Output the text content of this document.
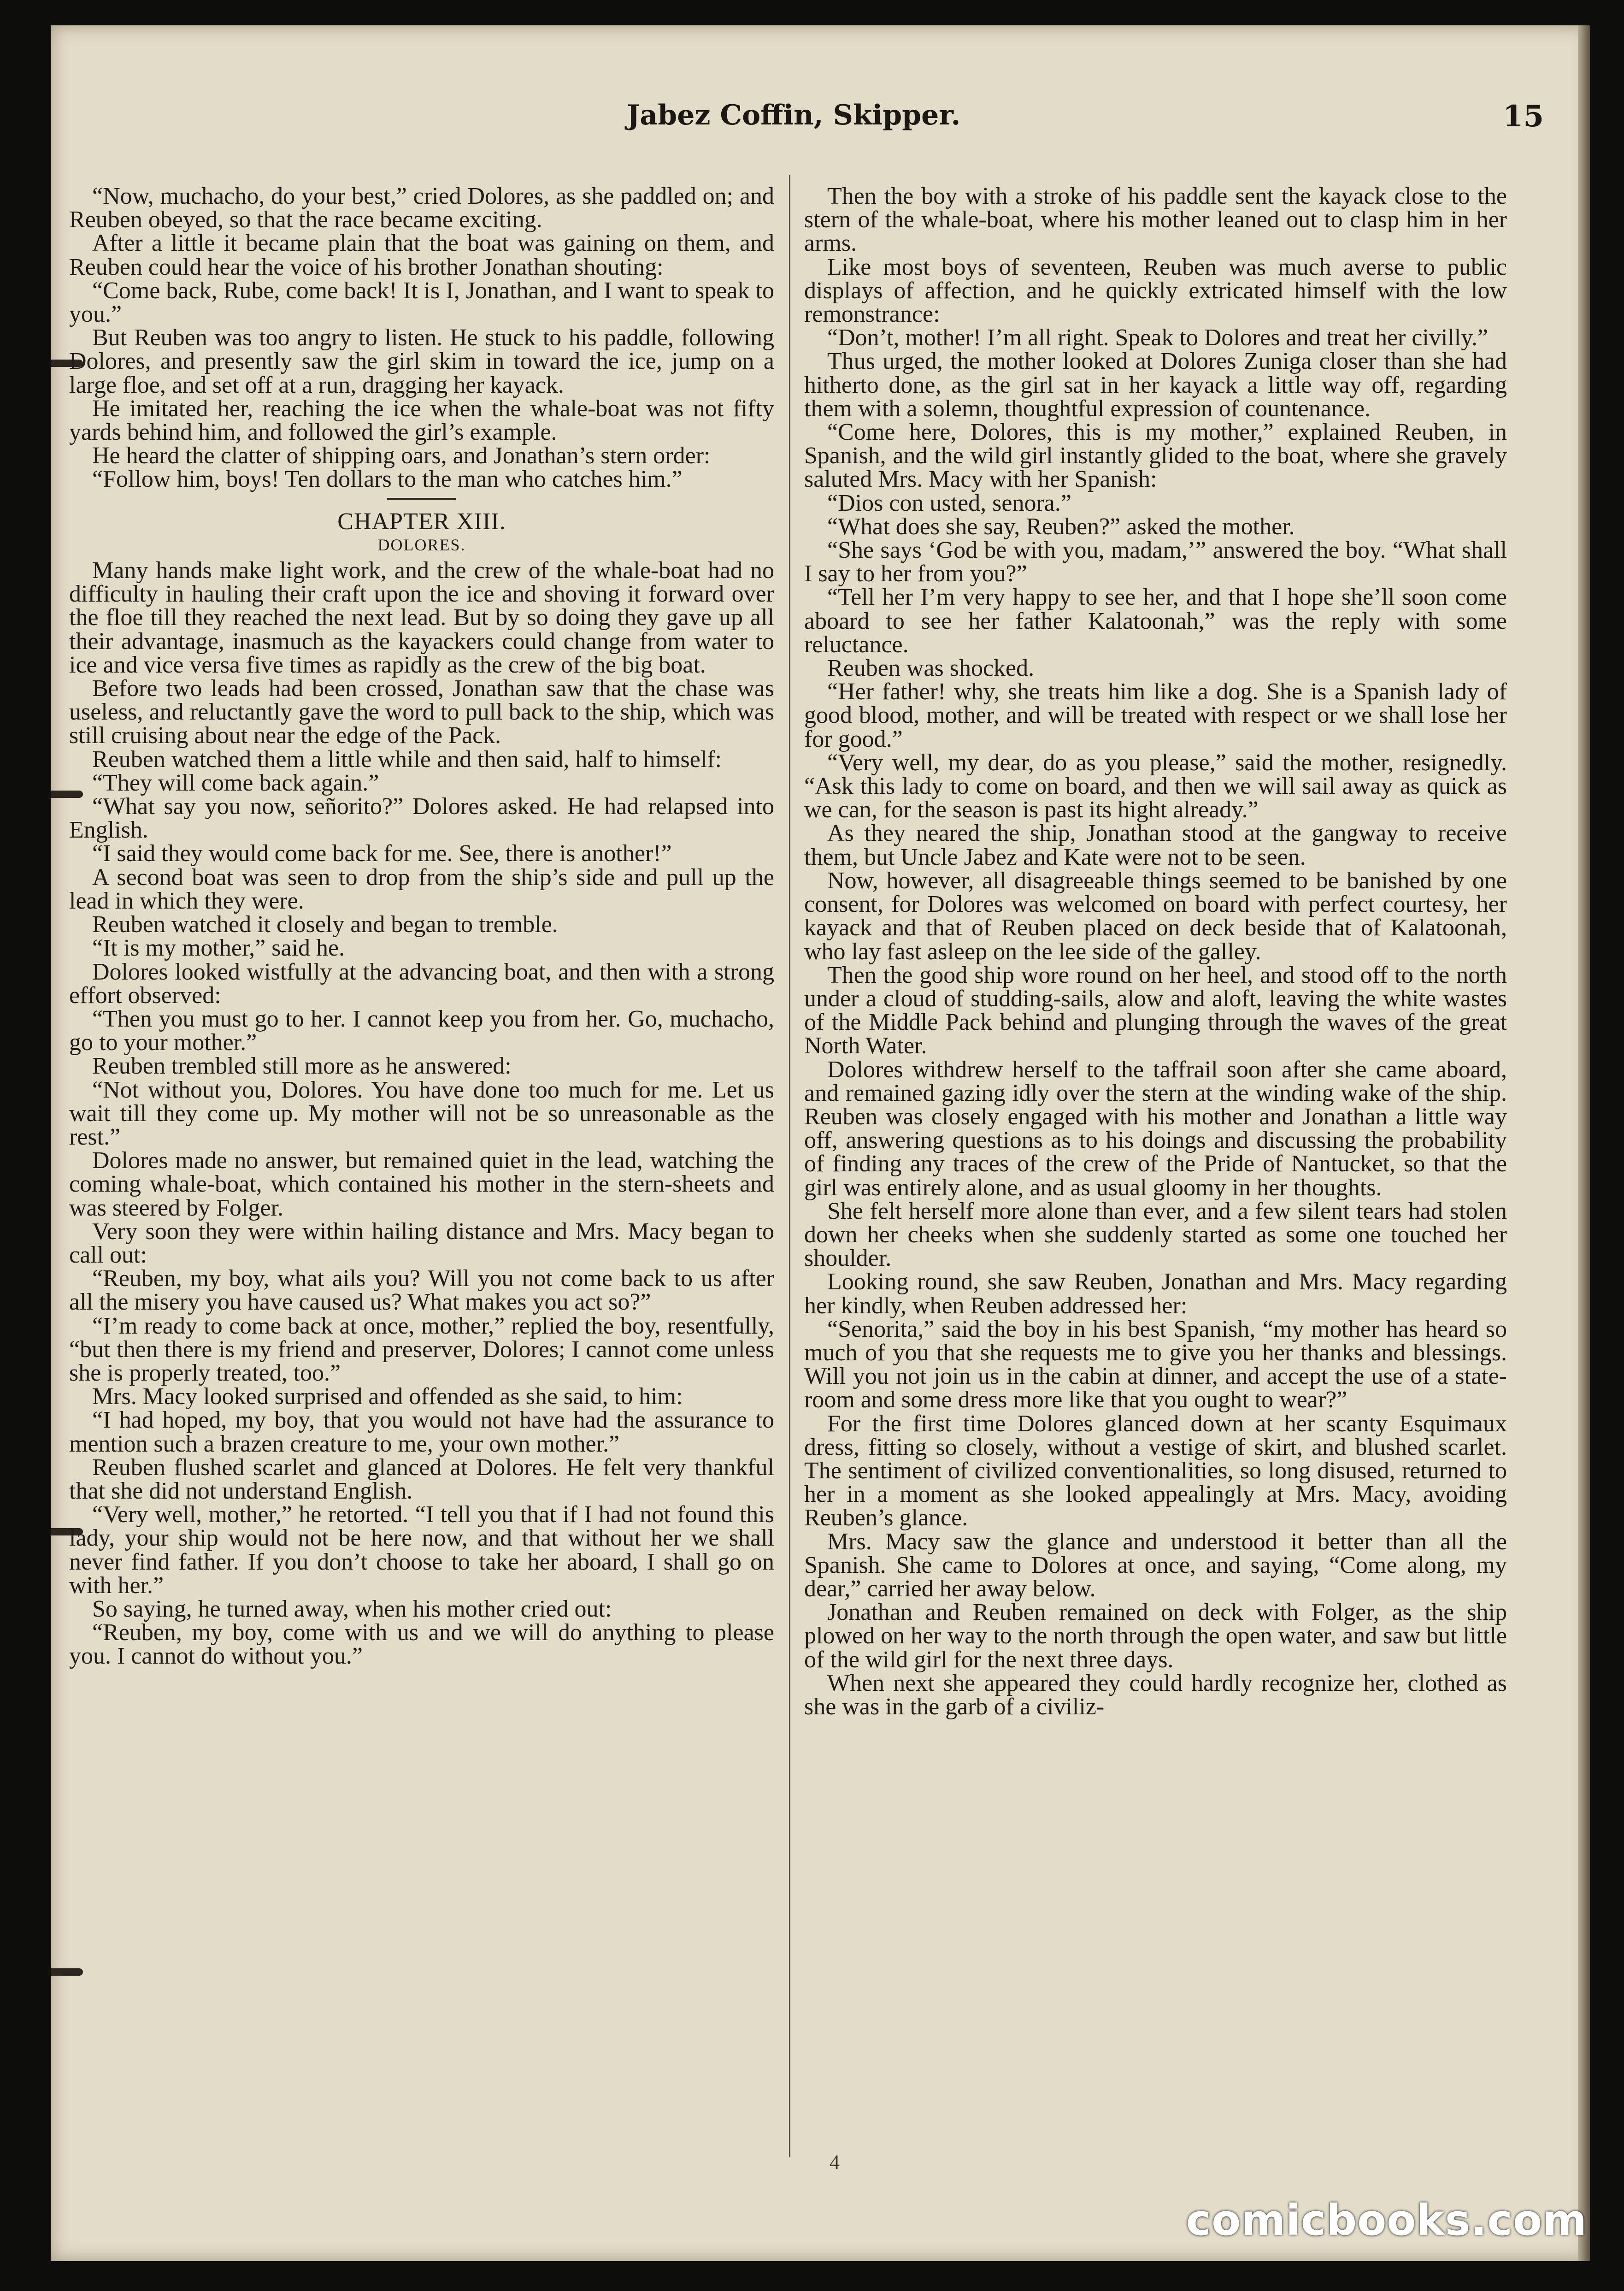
Jabez Coffin, Skipper.	15

“Now, muchacho, do your best,” cried Dolores, as she paddled on; and Reuben obeyed, so that the race became exciting.

After a little it became plain that the boat was gaining on them, and Reuben could hear the voice of his brother Jonathan shouting:

“Come back, Rube, come back! It is I, Jonathan, and I want to speak to you.”

But Reuben was too angry to listen. He stuck to his paddle, following Dolores, and presently saw the girl skim in toward the ice, jump on a large floe, and set off at a run, dragging her kayack.

He imitated her, reaching the ice when the whale-boat was not fifty yards behind him, and followed the girl’s example.

He heard the clatter of shipping oars, and Jonathan’s stern order:

“Follow him, boys! Ten dollars to the man who catches him.”

CHAPTER XIII.

DOLORES.

Many hands make light work, and the crew of the whale-boat had no difficulty in hauling their craft upon the ice and shoving it forward over the floe till they reached the next lead. But by so doing they gave up all their advantage, inasmuch as the kayackers could change from water to ice and vice versa five times as rapidly as the crew of the big boat.

Before two leads had been crossed, Jonathan saw that the chase was useless, and reluctantly gave the word to pull back to the ship, which was still cruising about near the edge of the Pack.

Reuben watched them a little while and then said, half to himself:

“They will come back again.”

“What say you now, señorito?” Dolores asked. He had relapsed into English.

“I said they would come back for me. See, there is another!”

A second boat was seen to drop from the ship’s side and pull up the lead in which they were.

Reuben watched it closely and began to tremble.

“It is my mother,” said he.

Dolores looked wistfully at the advancing boat, and then with a strong effort observed:

“Then you must go to her. I cannot keep you from her. Go, muchacho, go to your mother.”

Reuben trembled still more as he answered:

“Not without you, Dolores. You have done too much for me. Let us wait till they come up. My mother will not be so unreasonable as the rest.”

Dolores made no answer, but remained quiet in the lead, watching the coming whale-boat, which contained his mother in the stern-sheets and was steered by Folger.

Very soon they were within hailing distance and Mrs. Macy began to call out:

“Reuben, my boy, what ails you? Will you not come back to us after all the misery you have caused us? What makes you act so?”

“I’m ready to come back at once, mother,” replied the boy, resentfully, “but then there is my friend and preserver, Dolores; I cannot come unless she is properly treated, too.”

Mrs. Macy looked surprised and offended as she said, to him:

“I had hoped, my boy, that you would not have had the assurance to mention such a brazen creature to me, your own mother.”

Reuben flushed scarlet and glanced at Dolores. He felt very thankful that she did not understand English.

“Very well, mother,” he retorted. “I tell you that if I had not found this lady, your ship would not be here now, and that without her we shall never find father. If you don’t choose to take her aboard, I shall go on with her.”

So saying, he turned away, when his mother cried out:

“Reuben, my boy, come with us and we will do anything to please you. I cannot do without you.”

Then the boy with a stroke of his paddle sent the kayack close to the stern of the whale-boat, where his mother leaned out to clasp him in her arms.

Like most boys of seventeen, Reuben was much averse to public displays of affection, and he quickly extricated himself with the low remonstrance:

“Don’t, mother! I’m all right. Speak to Dolores and treat her civilly.”

Thus urged, the mother looked at Dolores Zuniga closer than she had hitherto done, as the girl sat in her kayack a little way off, regarding them with a solemn, thoughtful expression of countenance.

“Come here, Dolores, this is my mother,” explained Reuben, in Spanish, and the wild girl instantly glided to the boat, where she gravely saluted Mrs. Macy with her Spanish:

“Dios con usted, senora.”

“What does she say, Reuben?” asked the mother.

“She says ‘God be with you, madam,’” answered the boy. “What shall I say to her from you?”

“Tell her I’m very happy to see her, and that I hope she’ll soon come aboard to see her father Kalatoonah,” was the reply with some reluctance.

Reuben was shocked.

“Her father! why, she treats him like a dog. She is a Spanish lady of good blood, mother, and will be treated with respect or we shall lose her for good.”

“Very well, my dear, do as you please,” said the mother, resignedly. “Ask this lady to come on board, and then we will sail away as quick as we can, for the season is past its hight already.”

As they neared the ship, Jonathan stood at the gangway to receive them, but Uncle Jabez and Kate were not to be seen.

Now, however, all disagreeable things seemed to be banished by one consent, for Dolores was welcomed on board with perfect courtesy, her kayack and that of Reuben placed on deck beside that of Kalatoonah, who lay fast asleep on the lee side of the galley.

Then the good ship wore round on her heel, and stood off to the north under a cloud of studding-sails, alow and aloft, leaving the white wastes of the Middle Pack behind and plunging through the waves of the great North Water.

Dolores withdrew herself to the taffrail soon after she came aboard, and remained gazing idly over the stern at the winding wake of the ship. Reuben was closely engaged with his mother and Jonathan a little way off, answering questions as to his doings and discussing the probability of finding any traces of the crew of the Pride of Nantucket, so that the girl was entirely alone, and as usual gloomy in her thoughts.

She felt herself more alone than ever, and a few silent tears had stolen down her cheeks when she suddenly started as some one touched her shoulder.

Looking round, she saw Reuben, Jonathan and Mrs. Macy regarding her kindly, when Reuben addressed her:

“Senorita,” said the boy in his best Spanish, “my mother has heard so much of you that she requests me to give you her thanks and blessings. Will you not join us in the cabin at dinner, and accept the use of a state-room and some dress more like that you ought to wear?”

For the first time Dolores glanced down at her scanty Esquimaux dress, fitting so closely, without a vestige of skirt, and blushed scarlet. The sentiment of civilized conventionalities, so long disused, returned to her in a moment as she looked appealingly at Mrs. Macy, avoiding Reuben’s glance.

Mrs. Macy saw the glance and understood it better than all the Spanish. She came to Dolores at once, and saying, “Come along, my dear,” carried her away below.

Jonathan and Reuben remained on deck with Folger, as the ship plowed on her way to the north through the open water, and saw but little of the wild girl for the next three days.

When next she appeared they could hardly recognize her, clothed as she was in the garb of a civiliz-

4
comicbooks.com
